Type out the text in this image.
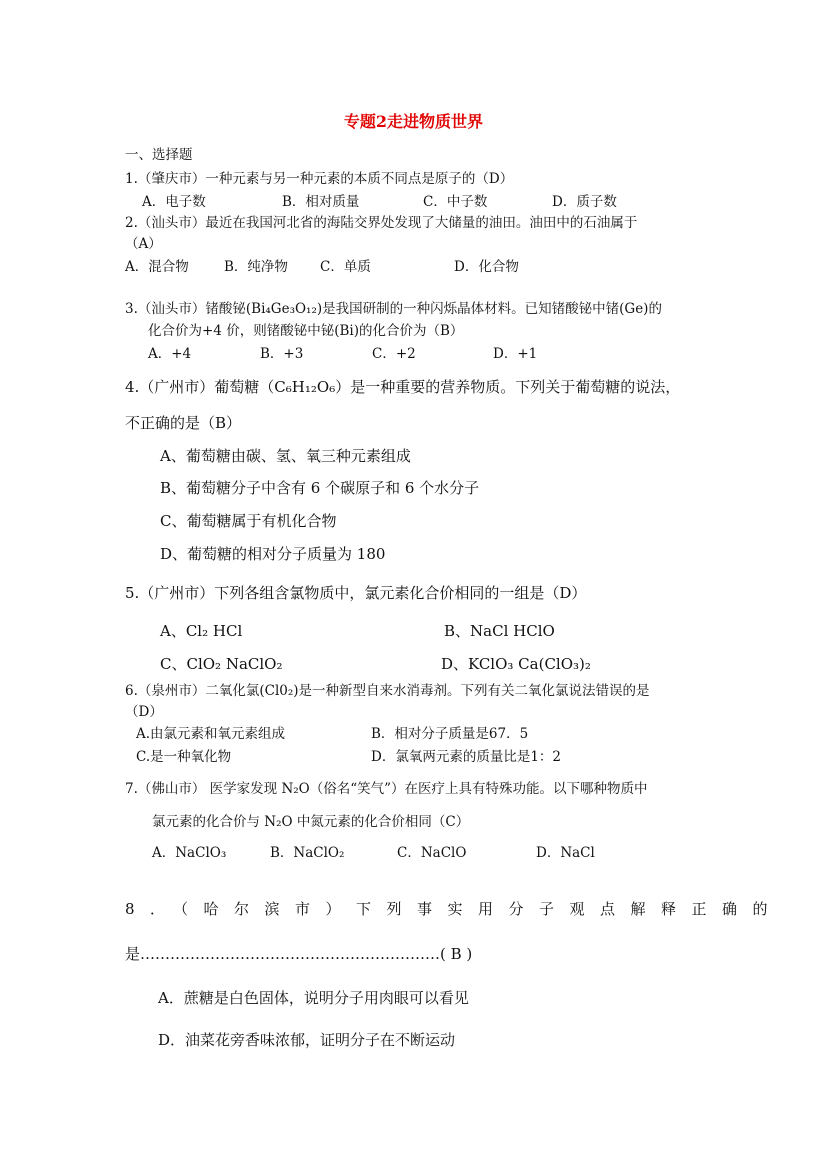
专题2走进物质世界
一、选择题
1.（肇庆市）一种元素与另一种元素的本质不同点是原子的（D）
A．电子数	B．相对质量	C．中子数	D．质子数
2.（汕头市）最近在我国河北省的海陆交界处发现了大储量的油田。油田中的石油属于
（A）
A．混合物	B．纯净物 C．单质	D．化合物
3.（汕头市）锗酸铋(Bi₄Ge₃O₁₂)是我国研制的一种闪烁晶体材料。已知锗酸铋中锗(Ge)的
化合价为+4 价，则锗酸铋中铋(Bi)的化合价为（B）
A．+4	B．+3	C．+2	D．+1
4.（广州市）葡萄糖（C₆H₁₂O₆）是一种重要的营养物质。下列关于葡萄糖的说法，
不正确的是（B）
A、葡萄糖由碳、氢、氧三种元素组成
B、葡萄糖分子中含有 6 个碳原子和 6 个水分子
C、葡萄糖属于有机化合物
D、葡萄糖的相对分子质量为 180
5.（广州市）下列各组含氯物质中，氯元素化合价相同的一组是（D）
A、Cl₂ HCl	B、NaCl HClO
C、ClO₂ NaClO₂	D、KClO₃ Ca(ClO₃)₂
6.（泉州市）二氧化氯(Cl0₂)是一种新型自来水消毒剂。下列有关二氧化氯说法错误的是
（D）
A.由氯元素和氧元素组成	B．相对分子质量是67．5
C.是一种氧化物	D．氯氧两元素的质量比是1：2
7.（佛山市） 医学家发现 N₂O（俗名“笑气”）在医疗上具有特殊功能。以下哪种物质中
氯元素的化合价与 N₂O 中氮元素的化合价相同（C）
A．NaClO₃	B．NaClO₂	C．NaClO	D．NaCl
8．（哈尔滨市）下列事实用分子观点解释正确的
是……………………………………………………( B )
A．蔗糖是白色固体，说明分子用肉眼可以看见
D．油菜花旁香味浓郁，证明分子在不断运动
